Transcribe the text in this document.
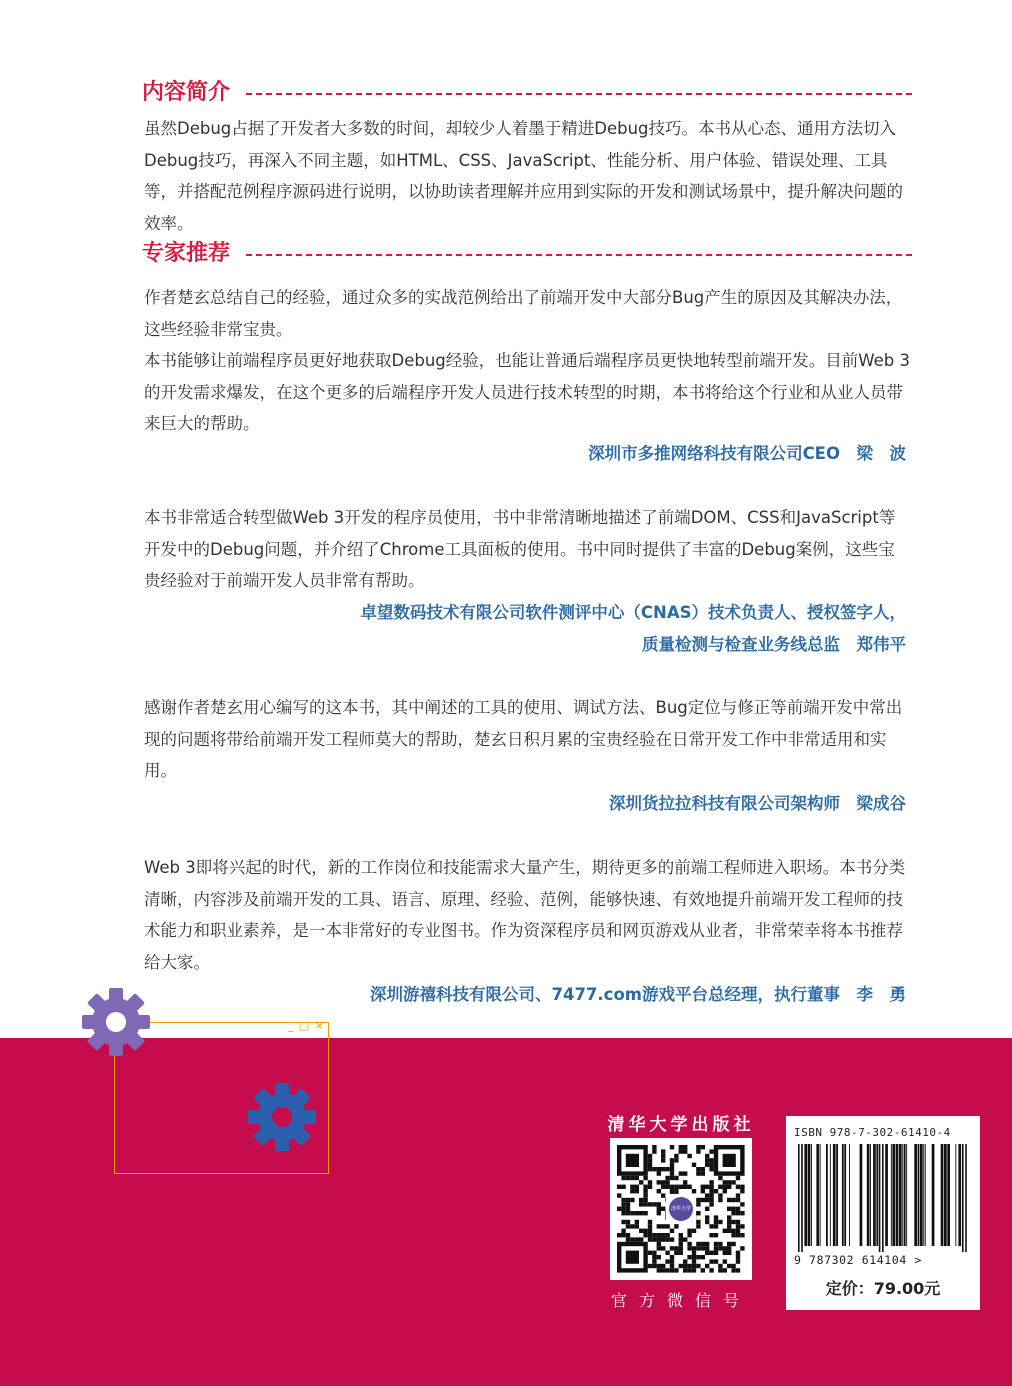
内容简介

虽然Debug占据了开发者大多数的时间，却较少人着墨于精进Debug技巧。本书从心态、通用方法切入Debug技巧，再深入不同主题，如HTML、CSS、JavaScript、性能分析、用户体验、错误处理、工具等，并搭配范例程序源码进行说明，以协助读者理解并应用到实际的开发和测试场景中，提升解决问题的效率。

专家推荐

作者楚玄总结自己的经验，通过众多的实战范例给出了前端开发中大部分Bug产生的原因及其解决办法，这些经验非常宝贵。

本书能够让前端程序员更好地获取Debug经验，也能让普通后端程序员更快地转型前端开发。目前Web 3的开发需求爆发，在这个更多的后端程序开发人员进行技术转型的时期，本书将给这个行业和从业人员带来巨大的帮助。

深圳市多推网络科技有限公司CEO　梁　波

本书非常适合转型做Web 3开发的程序员使用，书中非常清晰地描述了前端DOM、CSS和JavaScript等开发中的Debug问题，并介绍了Chrome工具面板的使用。书中同时提供了丰富的Debug案例，这些宝贵经验对于前端开发人员非常有帮助。

卓望数码技术有限公司软件测评中心（CNAS）技术负责人、授权签字人，
质量检测与检查业务线总监　郑伟平

感谢作者楚玄用心编写的这本书，其中阐述的工具的使用、调试方法、Bug定位与修正等前端开发中常出现的问题将带给前端开发工程师莫大的帮助，楚玄日积月累的宝贵经验在日常开发工作中非常适用和实用。

深圳货拉拉科技有限公司架构师　梁成谷

Web 3即将兴起的时代，新的工作岗位和技能需求大量产生，期待更多的前端工程师进入职场。本书分类清晰，内容涉及前端开发的工具、语言、原理、经验、范例，能够快速、有效地提升前端开发工程师的技术能力和职业素养，是一本非常好的专业图书。作为资深程序员和网页游戏从业者，非常荣幸将本书推荐给大家。

深圳游禧科技有限公司、7477.com游戏平台总经理，执行董事　李　勇
_ □ ×
清华大学出版社
清华大学
官方微信号
ISBN 978-7-302-61410-4
9 787302 614104 >
定价：79.00元
